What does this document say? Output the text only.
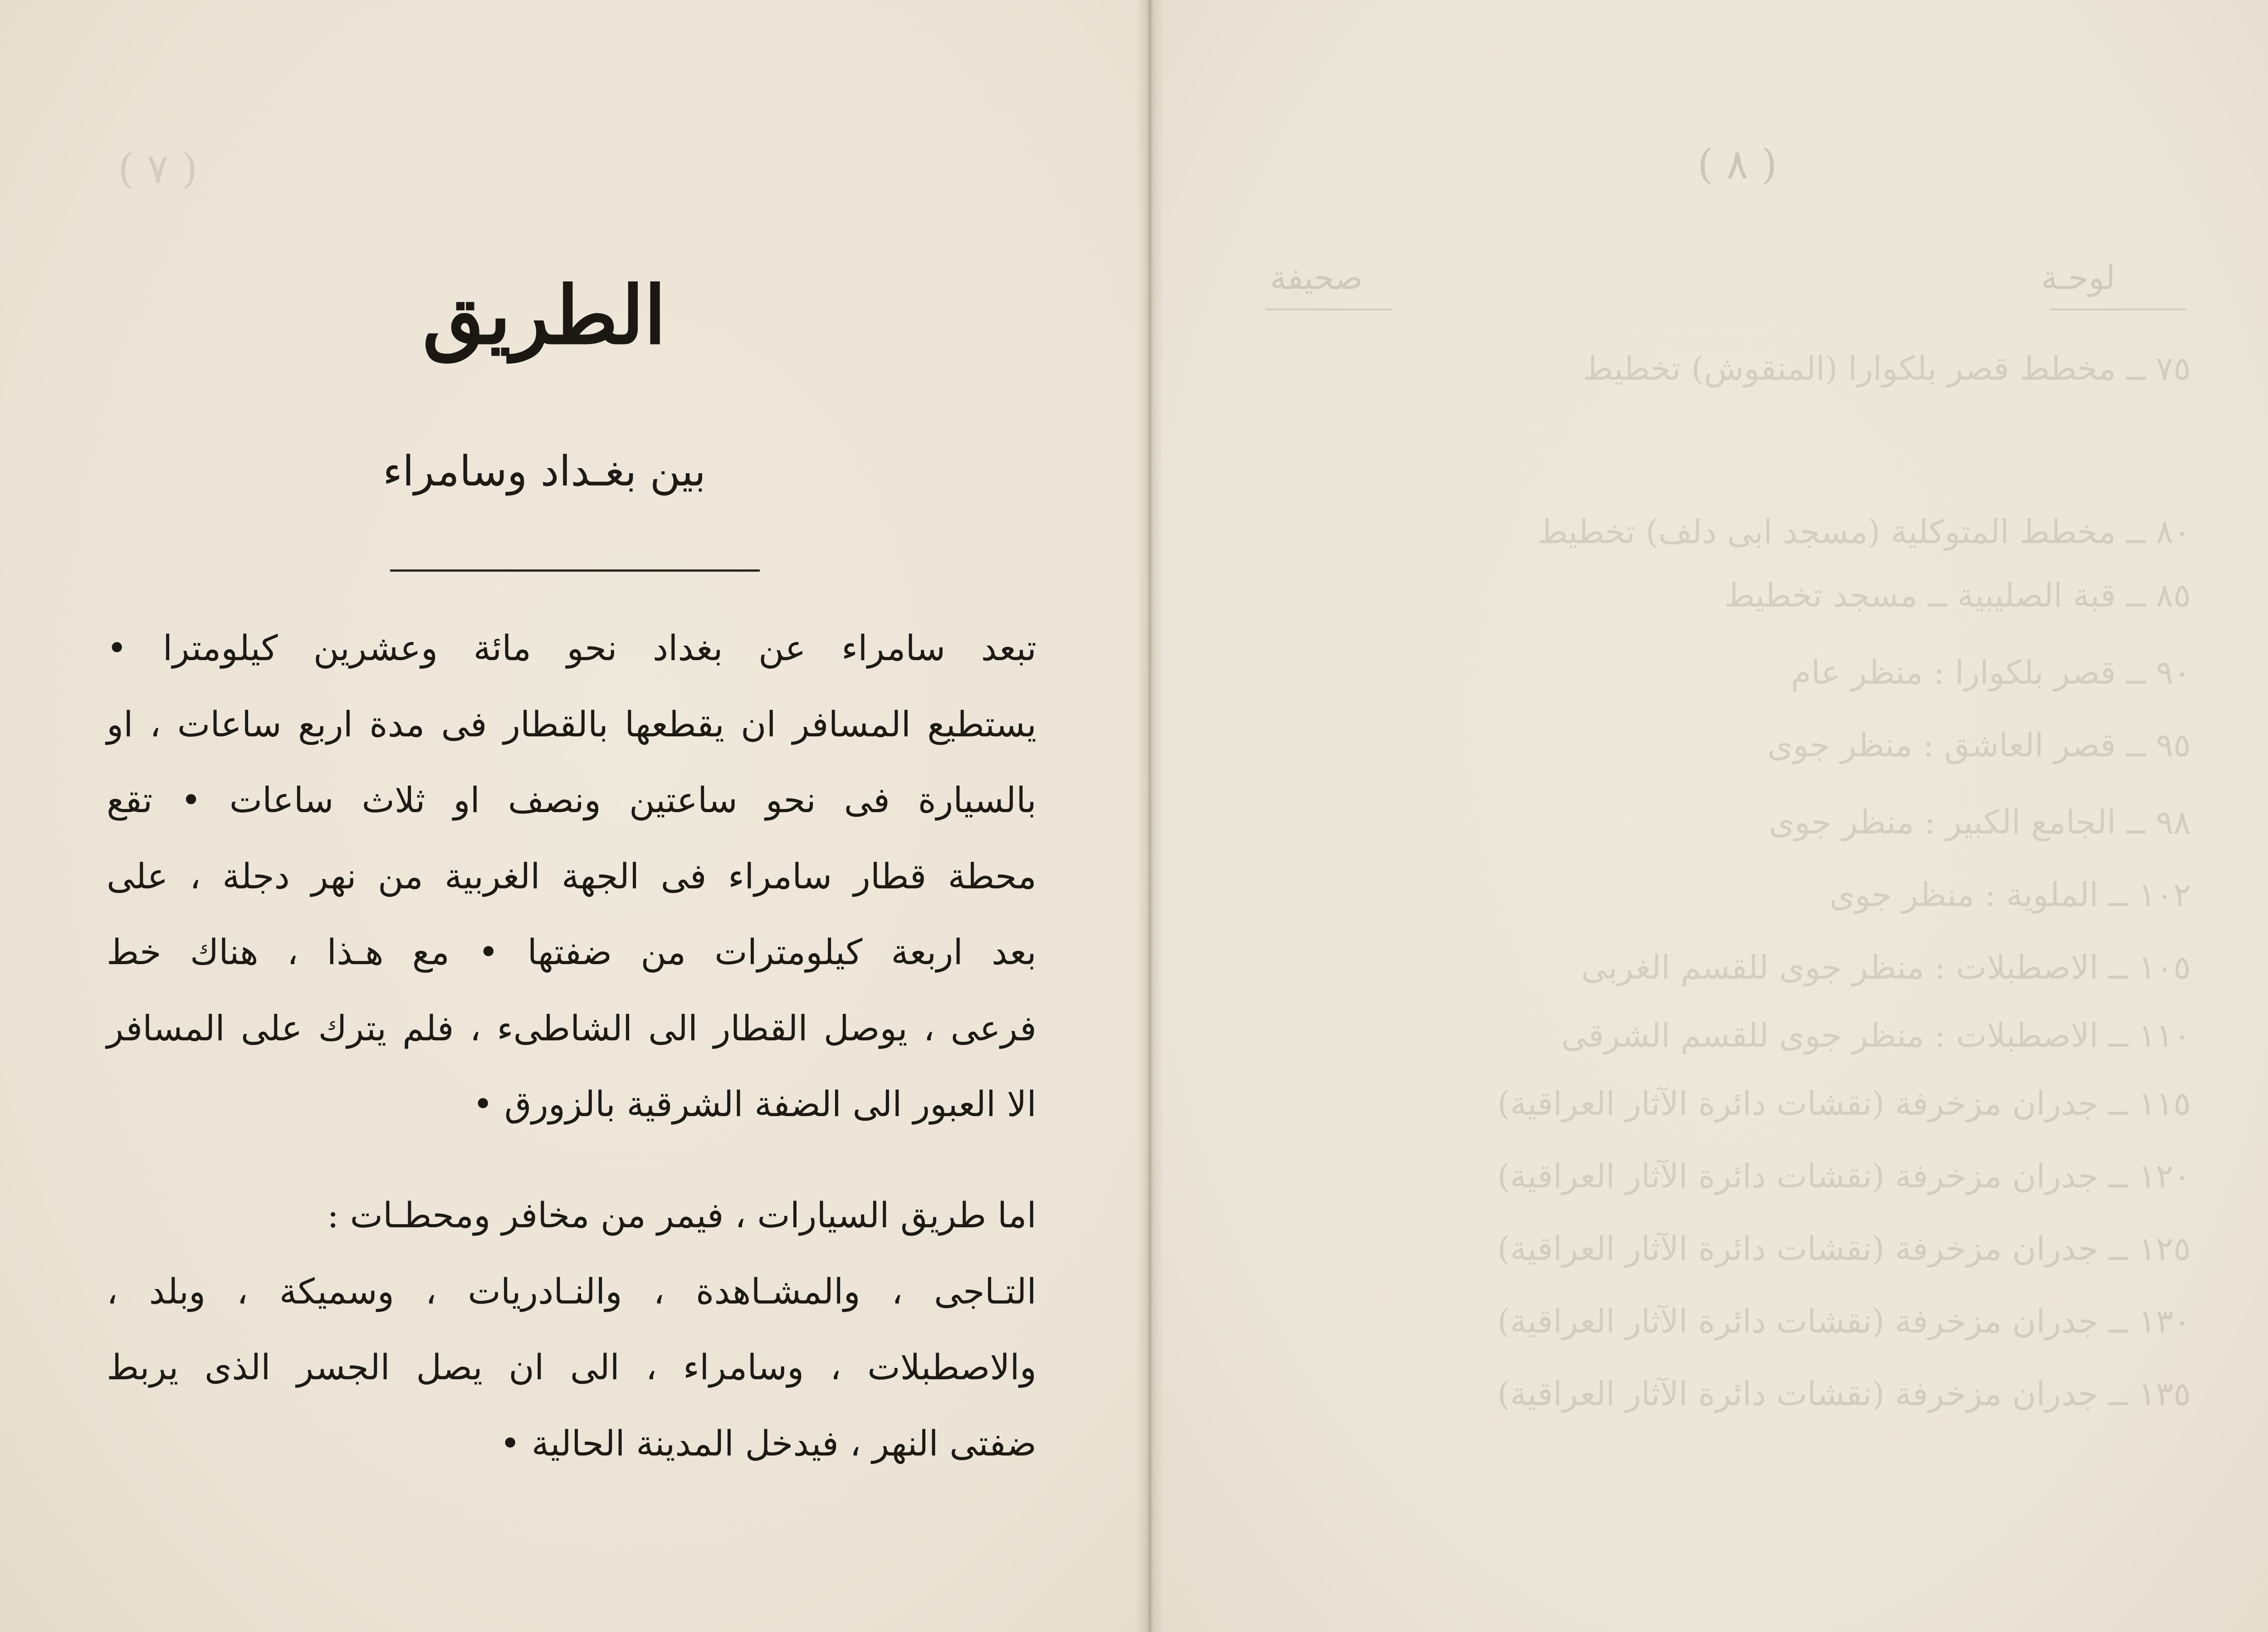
( ٧ )
الطريق
بين بغـداد وسامراء
تبعد سامراء عن بغداد نحو مائة وعشرين كيلومترا •
يستطيع المسافر ان يقطعها بالقطار فى مدة اربع ساعات ، او
بالسيارة فى نحو ساعتين ونصف او ثلاث ساعات • تقع
محطة قطار سامراء فى الجهة الغربية من نهر دجلة ، على
بعد اربعة كيلومترات من ضفتها • مع هـذا ، هناك خط
فرعى ، يوصل القطار الى الشاطىء ، فلم يترك على المسافر
الا العبور الى الضفة الشرقية بالزورق •
اما طريق السيارات ، فيمر من مخافر ومحطـات :
التـاجى ، والمشـاهدة ، والنـادريات ، وسميكة ، وبلد ،
والاصطبلات ، وسامراء ، الى ان يصل الجسر الذى يربط
ضفتى النهر ، فيدخل المدينة الحالية •
( ٨ )
لوحـة
صحيفة
٧٥ ــ مخطط قصر بلكوارا (المنقوش) تخطيط
٨٠ ــ مخطط المتوكلية (مسجد ابى دلف) تخطيط
٨٥ ــ قبة الصليبية ــ مسجد تخطيط
٩٠ ــ قصر بلكوارا : منظر عام
٩٥ ــ قصر العاشق : منظر جوى
٩٨ ــ الجامع الكبير : منظر جوى
١٠٢ ــ الملوية : منظر جوى
١٠٥ ــ الاصطبلات : منظر جوى للقسم الغربى
١١٠ ــ الاصطبلات : منظر جوى للقسم الشرقى
١١٥ ــ جدران مزخرفة (نقشات دائرة الآثار العراقية)
١٢٠ ــ جدران مزخرفة (نقشات دائرة الآثار العراقية)
١٢٥ ــ جدران مزخرفة (نقشات دائرة الآثار العراقية)
١٣٠ ــ جدران مزخرفة (نقشات دائرة الآثار العراقية)
١٣٥ ــ جدران مزخرفة (نقشات دائرة الآثار العراقية)
